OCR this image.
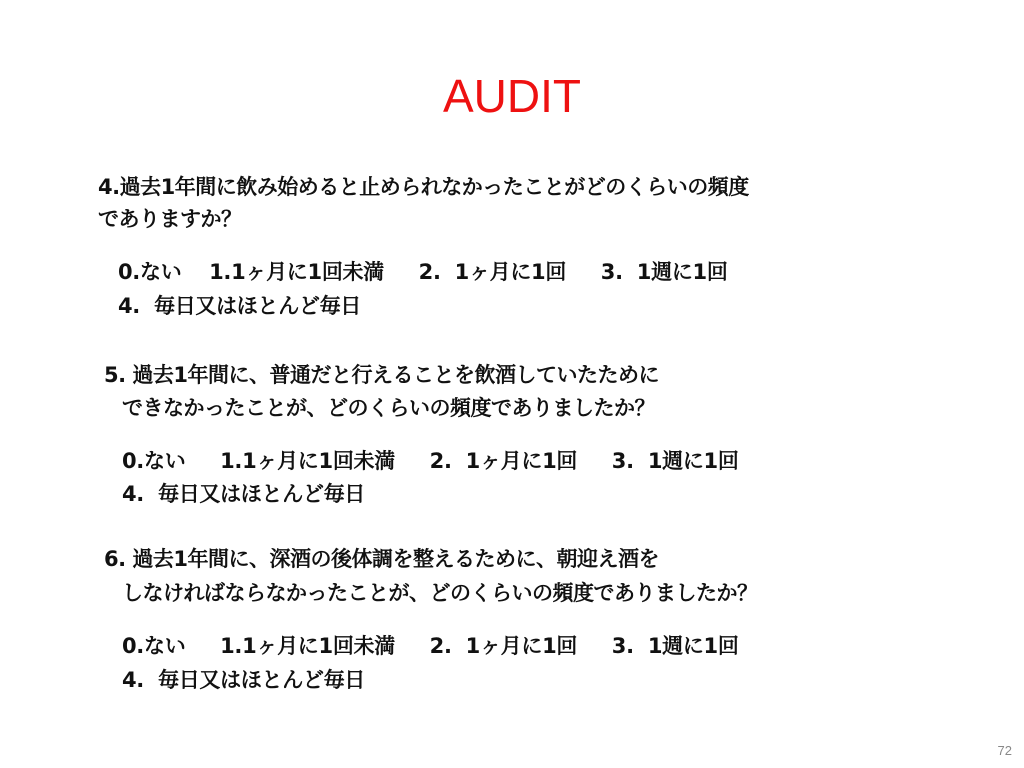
AUDIT
4.過去1年間に飲み始めると止められなかったことがどのくらいの頻度
でありますか？
0.ない　 1.1ヶ月に1回未満　  2.  1ヶ月に1回　  3.  1週に1回
4.  毎日又はほとんど毎日
5. 過去1年間に、普通だと行えることを飲酒していたために
できなかったことが、どのくらいの頻度でありましたか？
0.ない　  1.1ヶ月に1回未満　  2.  1ヶ月に1回　  3.  1週に1回
4.  毎日又はほとんど毎日
6. 過去1年間に、深酒の後体調を整えるために、朝迎え酒を
しなければならなかったことが、どのくらいの頻度でありましたか？
0.ない　  1.1ヶ月に1回未満　  2.  1ヶ月に1回　  3.  1週に1回
4.  毎日又はほとんど毎日
72
